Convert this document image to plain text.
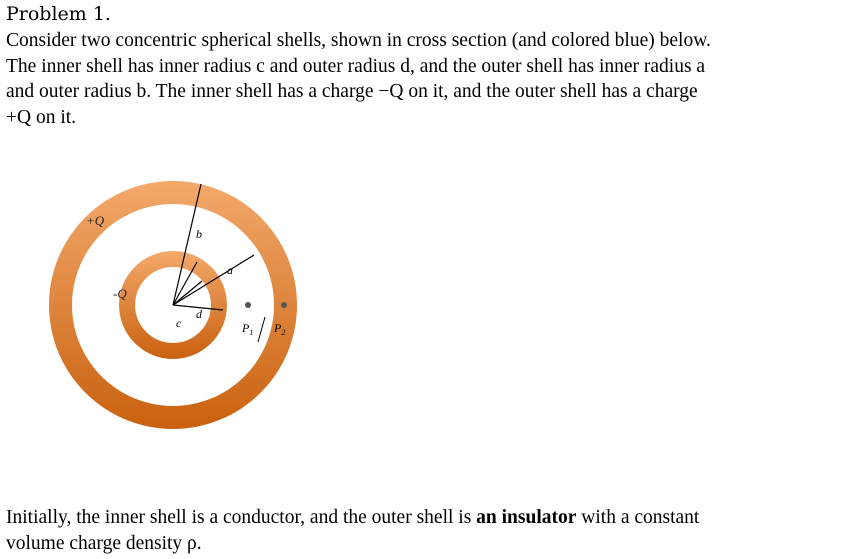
Problem 1.
Consider two concentric spherical shells, shown in cross section (and colored blue) below.
The inner shell has inner radius c and outer radius d, and the outer shell has inner radius a
and outer radius b. The inner shell has a charge −Q on it, and the outer shell has a charge
+Q on it.
+Q
-Q
b
a
d
c	$P_1$ $P_2$
Initially, the inner shell is a conductor, and the outer shell is an insulator with a constant
volume charge density ρ.
